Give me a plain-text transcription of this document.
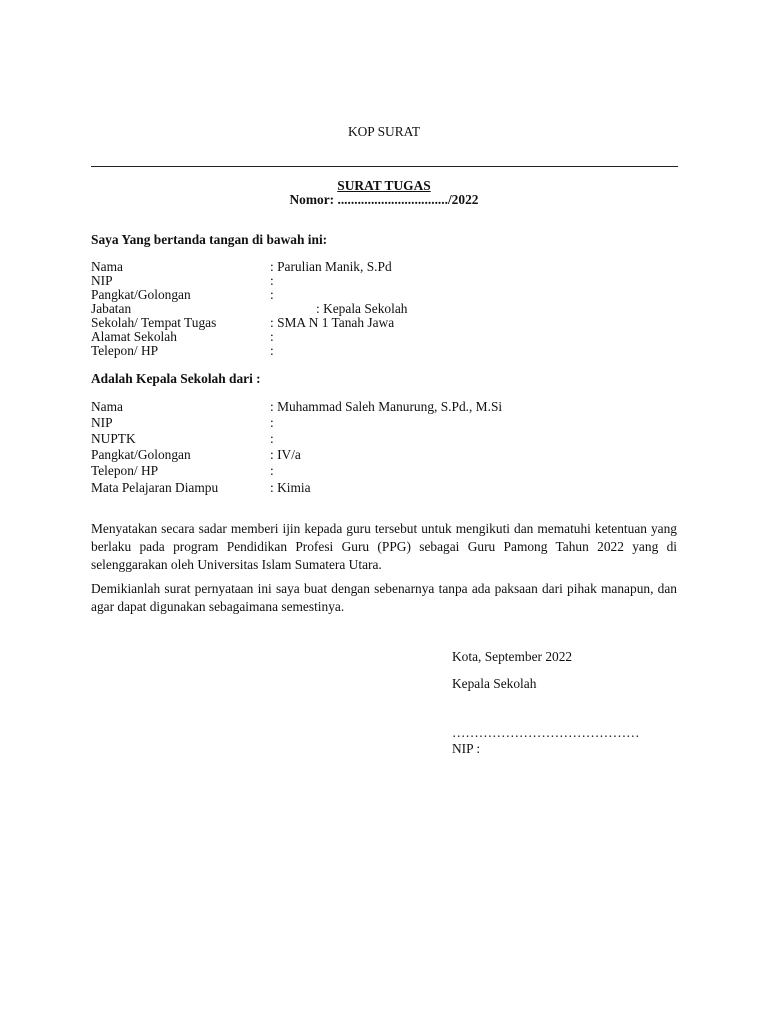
KOP SURAT
SURAT TUGAS
Nomor: ................................./2022
Saya Yang bertanda tangan di bawah ini:
Nama	: Parulian Manik, S.Pd
NIP	:
Pangkat/Golongan	:
Jabatan	: Kepala Sekolah
Sekolah/ Tempat Tugas	: SMA N 1 Tanah Jawa
Alamat Sekolah	:
Telepon/ HP	:
Adalah Kepala Sekolah dari :
Nama	: Muhammad Saleh Manurung, S.Pd., M.Si
NIP	:
NUPTK	:
Pangkat/Golongan	: IV/a
Telepon/ HP	:
Mata Pelajaran Diampu	: Kimia

Menyatakan secara sadar memberi ijin kepada guru tersebut untuk mengikuti dan mematuhi ketentuan yang berlaku pada program Pendidikan Profesi Guru (PPG) sebagai Guru Pamong Tahun 2022 yang di selenggarakan oleh Universitas Islam Sumatera Utara.

Demikianlah surat pernyataan ini saya buat dengan sebenarnya tanpa ada paksaan dari pihak manapun, dan agar dapat digunakan sebagaimana semestinya.

Kota, September 2022
Kepala Sekolah
……………………………………
NIP :
